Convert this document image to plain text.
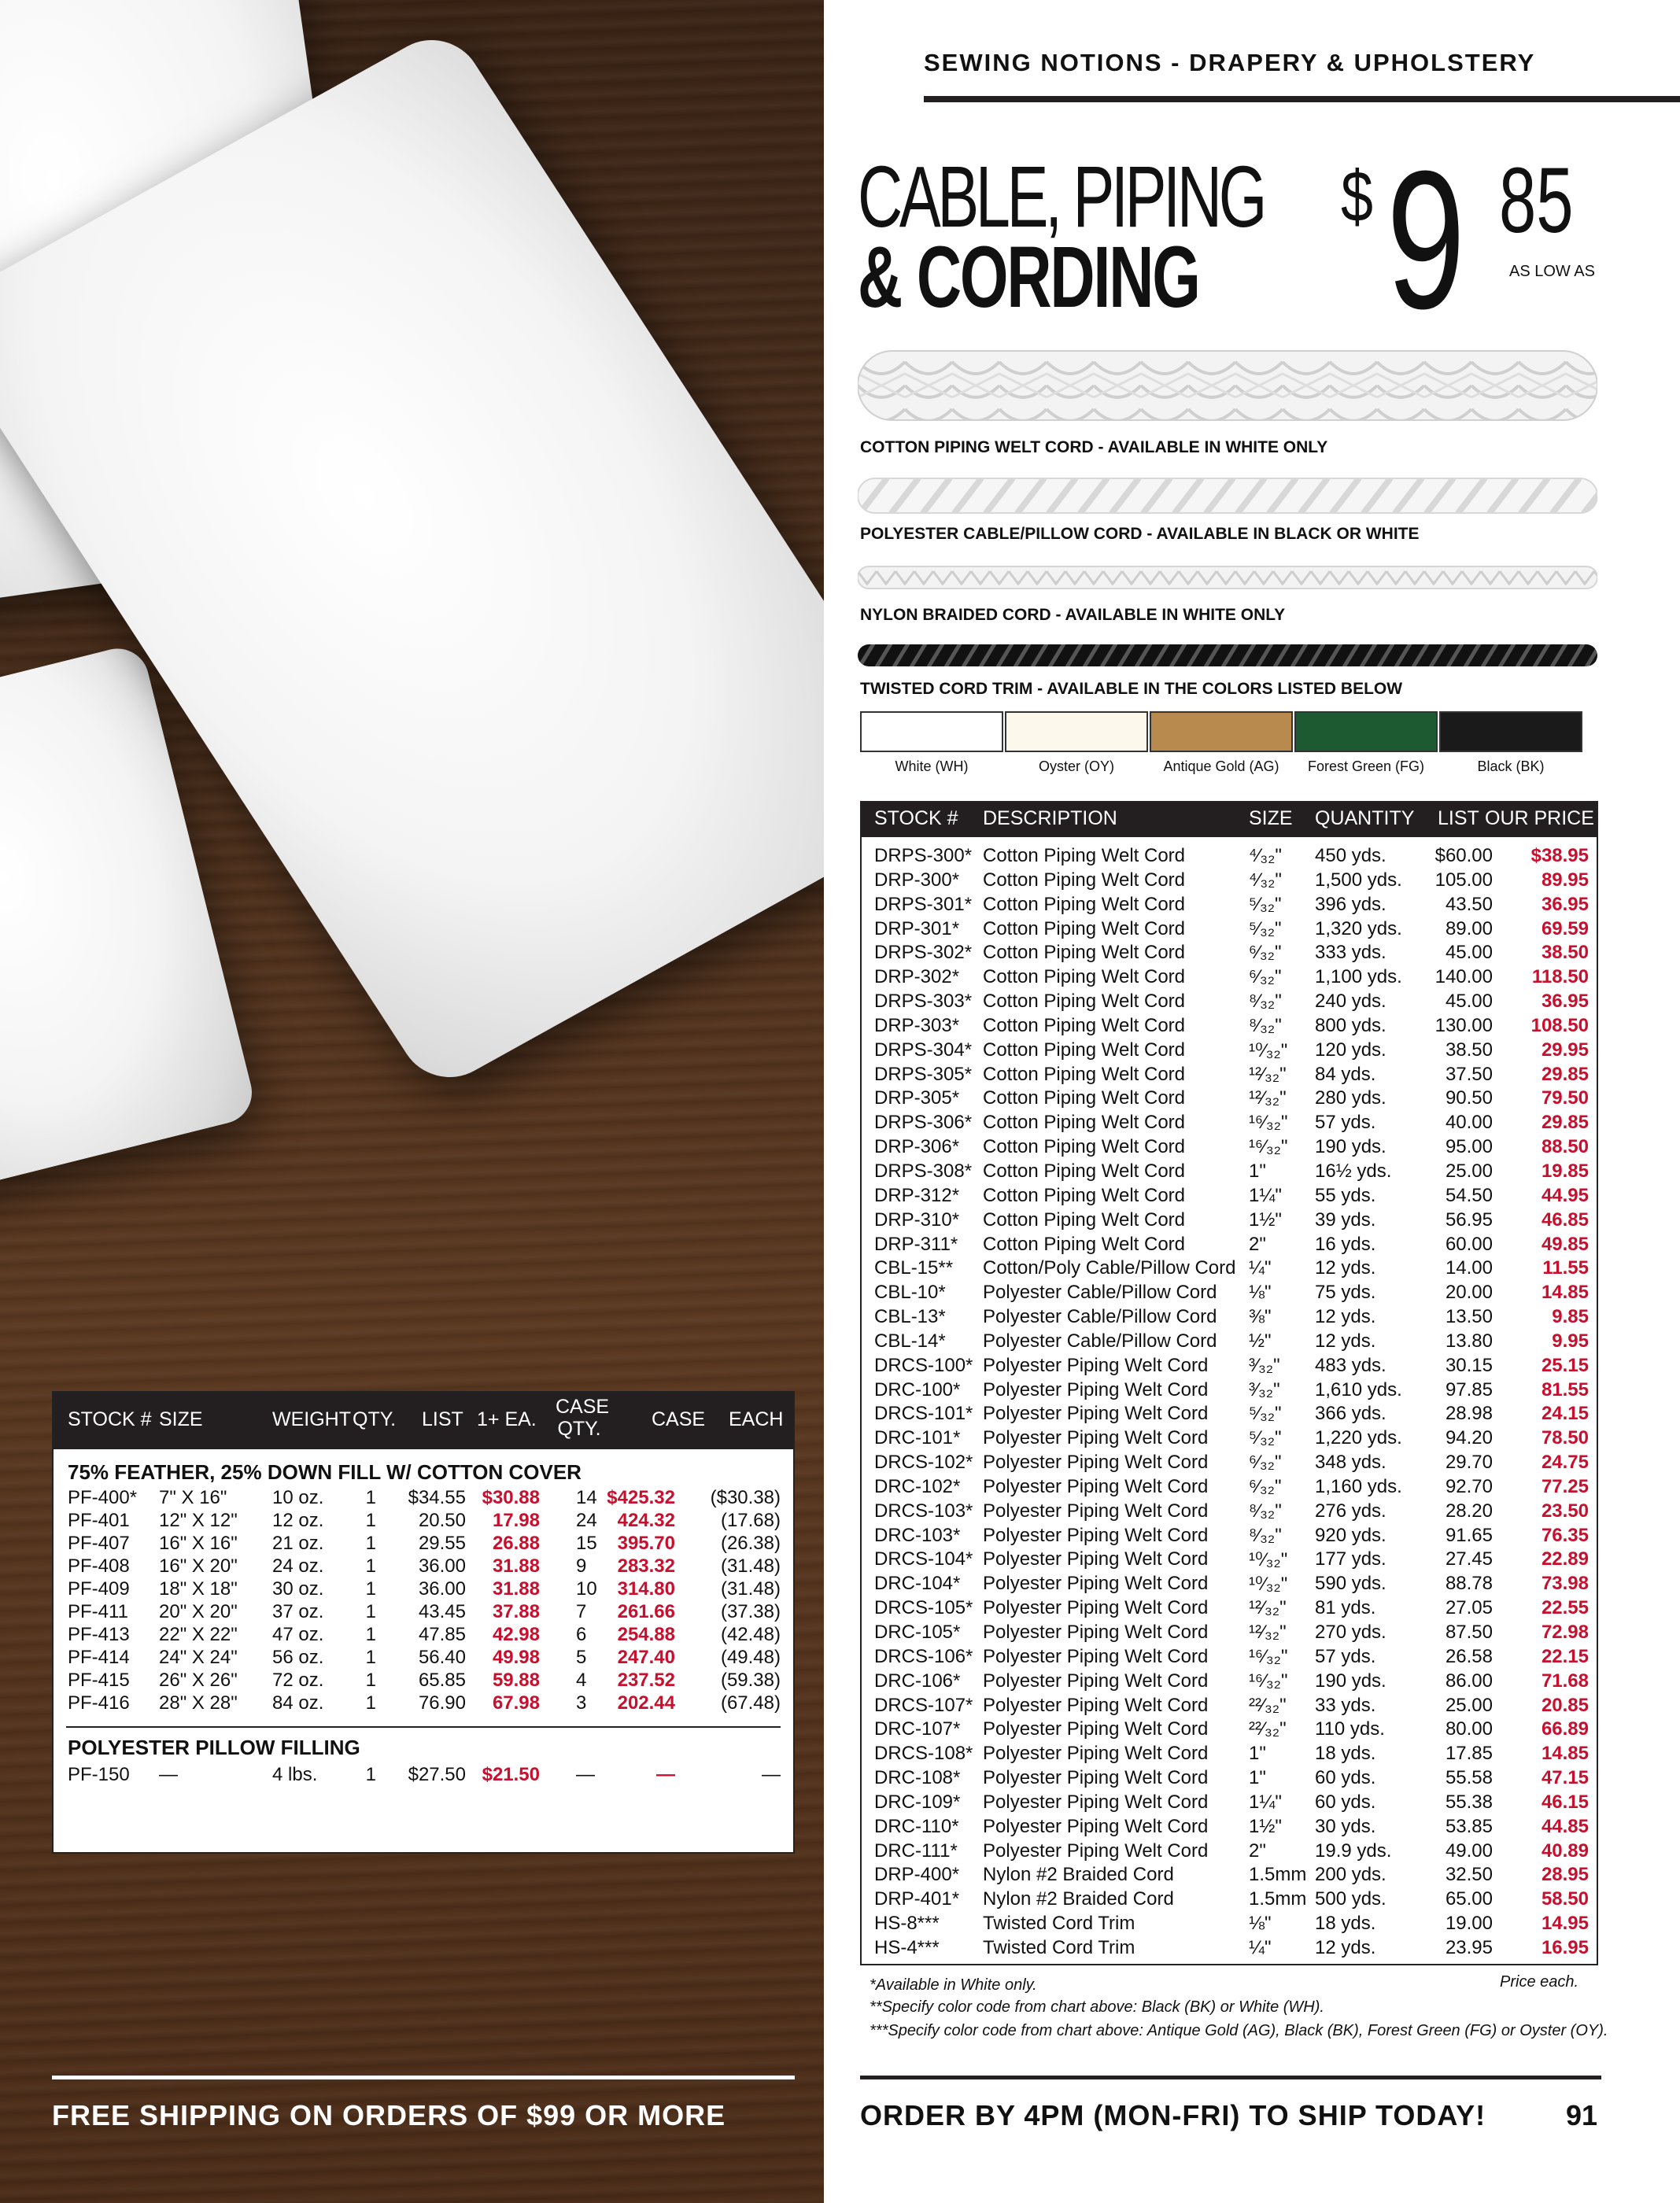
STOCK # SIZE	WEIGHT QTY. LIST 1+ EA.
CASE
QTY.	CASE EACH
75% FEATHER, 25% DOWN FILL W/ COTTON COVER
PF-400* 7" X 16" 10 oz. 1 $34.55 $30.88 14 $425.32 ($30.38)
PF-401 12" X 12" 12 oz. 1 20.50 17.98 24 424.32 (17.68)
PF-407 16" X 16" 21 oz. 1 29.55 26.88 15 395.70 (26.38)
PF-408 16" X 20" 24 oz. 1 36.00 31.88 9 283.32 (31.48)
PF-409 18" X 18" 30 oz. 1 36.00 31.88 10 314.80 (31.48)
PF-411 20" X 20" 37 oz. 1 43.45 37.88 7 261.66 (37.38)
PF-413 22" X 22" 47 oz. 1 47.85 42.98 6 254.88 (42.48)
PF-414 24" X 24" 56 oz. 1 56.40 49.98 5 247.40 (49.48)
PF-415 26" X 26" 72 oz. 1 65.85 59.88 4 237.52 (59.38)
PF-416 28" X 28" 84 oz. 1 76.90 67.98 3 202.44 (67.48)
POLYESTER PILLOW FILLING
PF-150 —	4 lbs.	1 $27.50 $21.50 —	—	—
*Neck roll pillow.	Price each/case.
FREE SHIPPING ON ORDERS OF $99 OR MORE
SEWING NOTIONS - DRAPERY & UPHOLSTERY
CABLE, PIPING
& CORDING
$ 9 85
AS LOW AS
COTTON PIPING WELT CORD - AVAILABLE IN WHITE ONLY
POLYESTER CABLE/PILLOW CORD - AVAILABLE IN BLACK OR WHITE
NYLON BRAIDED CORD - AVAILABLE IN WHITE ONLY
TWISTED CORD TRIM - AVAILABLE IN THE COLORS LISTED BELOW
White (WH)	Oyster (OY)	Antique Gold (AG)	Forest Green (FG)	Black (BK)
STOCK # DESCRIPTION	SIZE QUANTITY LIST OUR PRICE
DRPS-300* Cotton Piping Welt Cord	⁴⁄₃₂" 450 yds.	$60.00 $38.95
DRP-300* Cotton Piping Welt Cord	⁴⁄₃₂" 1,500 yds. 105.00	89.95
DRPS-301* Cotton Piping Welt Cord	⁵⁄₃₂" 396 yds.	43.50	36.95
DRP-301* Cotton Piping Welt Cord	⁵⁄₃₂" 1,320 yds. 89.00	69.59
DRPS-302* Cotton Piping Welt Cord	⁶⁄₃₂" 333 yds.	45.00	38.50
DRP-302* Cotton Piping Welt Cord	⁶⁄₃₂" 1,100 yds. 140.00 118.50
DRPS-303* Cotton Piping Welt Cord	⁸⁄₃₂" 240 yds.	45.00	36.95
DRP-303* Cotton Piping Welt Cord	⁸⁄₃₂" 800 yds.	130.00 108.50
DRPS-304* Cotton Piping Welt Cord	¹⁰⁄₃₂" 120 yds.	38.50	29.95
DRPS-305* Cotton Piping Welt Cord	¹²⁄₃₂" 84 yds.	37.50	29.85
DRP-305* Cotton Piping Welt Cord	¹²⁄₃₂" 280 yds.	90.50	79.50
DRPS-306* Cotton Piping Welt Cord	¹⁶⁄₃₂" 57 yds.	40.00	29.85
DRP-306* Cotton Piping Welt Cord	¹⁶⁄₃₂" 190 yds.	95.00	88.50
DRPS-308* Cotton Piping Welt Cord	1"	16½ yds.	25.00	19.85
DRP-312* Cotton Piping Welt Cord	1¼" 55 yds.	54.50	44.95
DRP-310* Cotton Piping Welt Cord	1½" 39 yds.	56.95	46.85
DRP-311* Cotton Piping Welt Cord	2"	16 yds.	60.00	49.85
CBL-15** Cotton/Poly Cable/Pillow Cord ¼" 12 yds.	14.00	11.55
CBL-10* Polyester Cable/Pillow Cord ⅛" 75 yds.	20.00	14.85
CBL-13* Polyester Cable/Pillow Cord ⅜" 12 yds.	13.50	9.85
CBL-14* Polyester Cable/Pillow Cord ½" 12 yds.	13.80	9.95
DRCS-100* Polyester Piping Welt Cord ³⁄₃₂" 483 yds.	30.15	25.15
DRC-100* Polyester Piping Welt Cord ³⁄₃₂" 1,610 yds. 97.85	81.55
DRCS-101* Polyester Piping Welt Cord ⁵⁄₃₂" 366 yds.	28.98	24.15
DRC-101* Polyester Piping Welt Cord ⁵⁄₃₂" 1,220 yds. 94.20	78.50
DRCS-102* Polyester Piping Welt Cord ⁶⁄₃₂" 348 yds.	29.70	24.75
DRC-102* Polyester Piping Welt Cord ⁶⁄₃₂" 1,160 yds. 92.70	77.25
DRCS-103* Polyester Piping Welt Cord ⁸⁄₃₂" 276 yds.	28.20	23.50
DRC-103* Polyester Piping Welt Cord ⁸⁄₃₂" 920 yds.	91.65	76.35
DRCS-104* Polyester Piping Welt Cord ¹⁰⁄₃₂" 177 yds.	27.45	22.89
DRC-104* Polyester Piping Welt Cord ¹⁰⁄₃₂" 590 yds.	88.78	73.98
DRCS-105* Polyester Piping Welt Cord ¹²⁄₃₂" 81 yds.	27.05	22.55
DRC-105* Polyester Piping Welt Cord ¹²⁄₃₂" 270 yds.	87.50	72.98
DRCS-106* Polyester Piping Welt Cord ¹⁶⁄₃₂" 57 yds.	26.58	22.15
DRC-106* Polyester Piping Welt Cord ¹⁶⁄₃₂" 190 yds.	86.00	71.68
DRCS-107* Polyester Piping Welt Cord ²²⁄₃₂" 33 yds.	25.00	20.85
DRC-107* Polyester Piping Welt Cord ²²⁄₃₂" 110 yds.	80.00	66.89
DRCS-108* Polyester Piping Welt Cord 1"	18 yds.	17.85	14.85
DRC-108* Polyester Piping Welt Cord 1"	60 yds.	55.58	47.15
DRC-109* Polyester Piping Welt Cord 1¼" 60 yds.	55.38	46.15
DRC-110* Polyester Piping Welt Cord 1½" 30 yds.	53.85	44.85
DRC-111* Polyester Piping Welt Cord 2"	19.9 yds.	49.00	40.89
DRP-400* Nylon #2 Braided Cord	1.5mm 200 yds.	32.50	28.95
DRP-401* Nylon #2 Braided Cord	1.5mm 500 yds.	65.00	58.50
HS-8*** Twisted Cord Trim	⅛" 18 yds.	19.00	14.95
HS-4*** Twisted Cord Trim	¼" 12 yds.	23.95	16.95
*Available in White only.	Price each.
**Specify color code from chart above: Black (BK) or White (WH).
***Specify color code from chart above: Antique Gold (AG), Black (BK), Forest Green (FG) or Oyster (OY).
ORDER BY 4PM (MON-FRI) TO SHIP TODAY!	91
